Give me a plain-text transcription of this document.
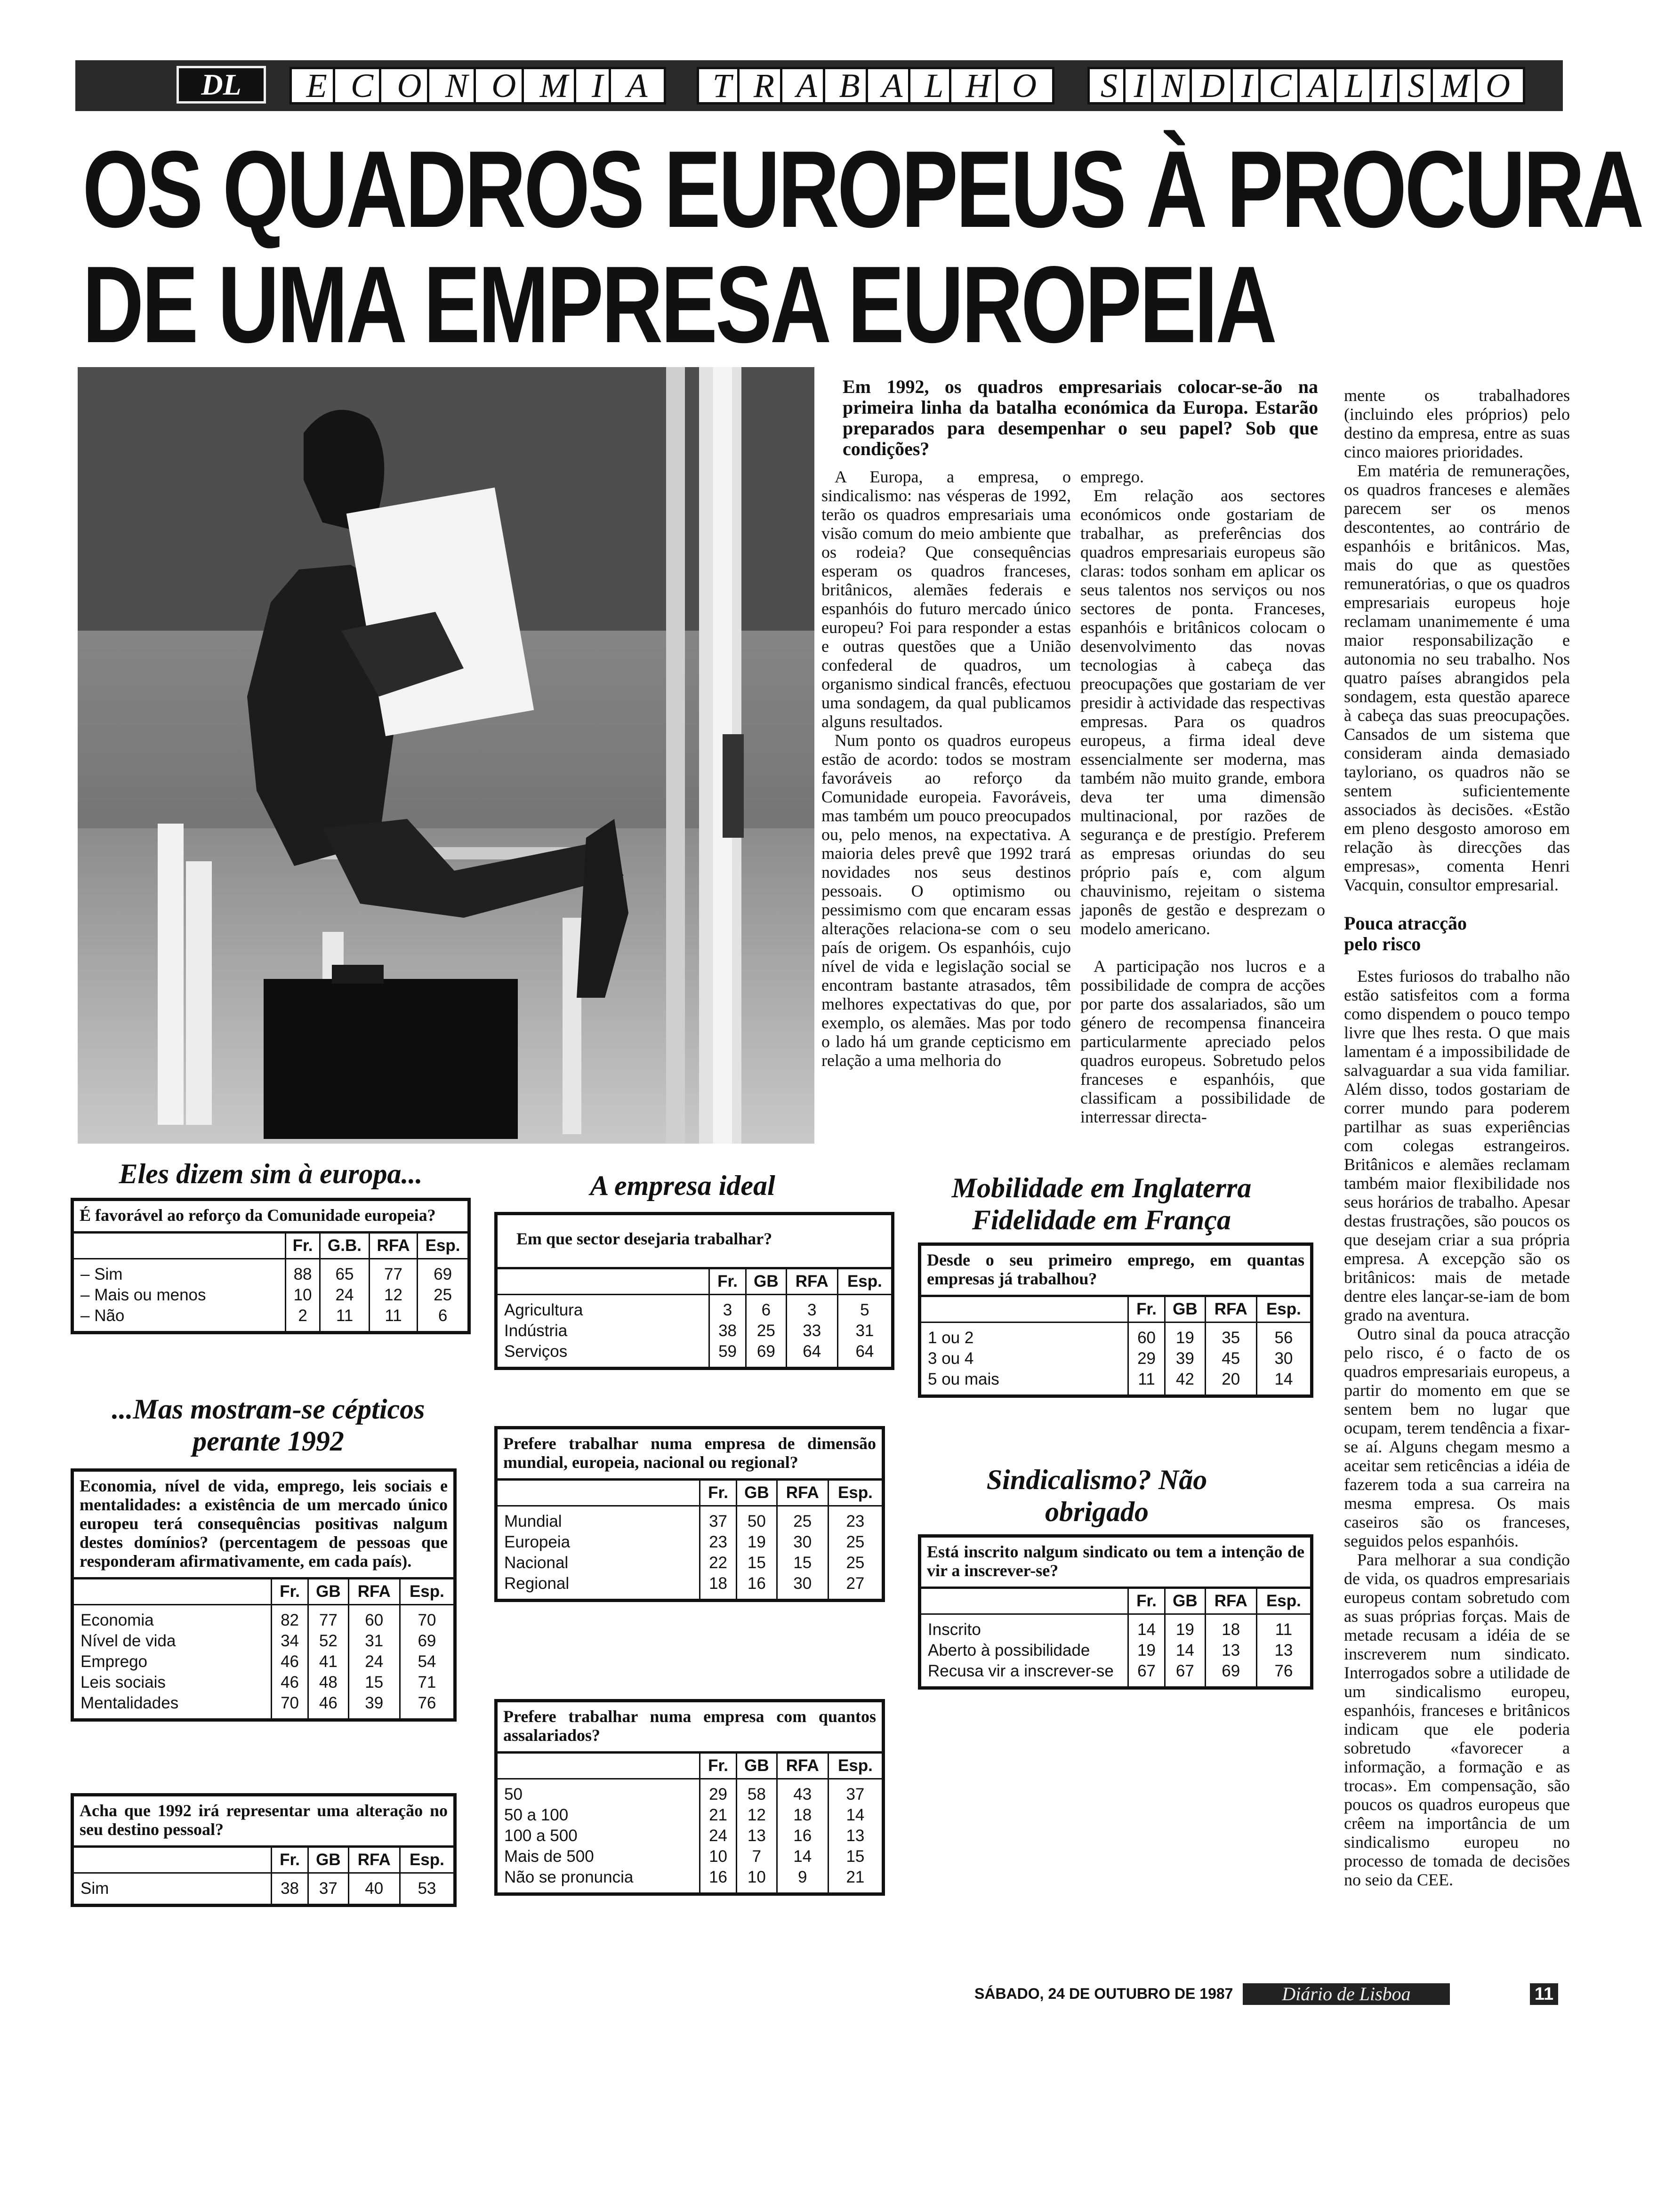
DL	E C O N O M I A T R A B A L H O S I N D I C A L I S M O
OS QUADROS EUROPEUS À PROCURA
DE UMA EMPRESA EUROPEIA
Em 1992, os quadros empresariais colocar-se-ão na primeira linha da batalha económica da Europa. Estarão preparados para desempenhar o seu papel? Sob que condições?

A Europa, a empresa, o sindicalismo: nas vésperas de 1992, terão os quadros empresariais uma visão comum do meio ambiente que os rodeia? Que consequências esperam os quadros franceses, britânicos, alemães federais e espanhóis do futuro mercado único europeu? Foi para responder a estas e outras questões que a União confederal de quadros, um organismo sindical francês, efectuou uma sondagem, da qual publicamos alguns resultados.

Num ponto os quadros europeus estão de acordo: todos se mostram favoráveis ao reforço da Comunidade europeia. Favoráveis, mas também um pouco preocupados ou, pelo menos, na expectativa. A maioria deles prevê que 1992 trará novidades nos seus destinos pessoais. O optimismo ou pessimismo com que encaram essas alterações relaciona-se com o seu país de origem. Os espanhóis, cujo nível de vida e legislação social se encontram bastante atrasados, têm melhores expectativas do que, por exemplo, os alemães. Mas por todo o lado há um grande cepticismo em relação a uma melhoria do

emprego.

Em relação aos sectores económicos onde gostariam de trabalhar, as preferências dos quadros empresariais europeus são claras: todos sonham em aplicar os seus talentos nos serviços ou nos sectores de ponta. Franceses, espanhóis e britânicos colocam o desenvolvimento das novas tecnologias à cabeça das preocupações que gostariam de ver presidir à actividade das respectivas empresas. Para os quadros europeus, a firma ideal deve essencialmente ser moderna, mas também não muito grande, embora deva ter uma dimensão multinacional, por razões de segurança e de prestígio. Preferem as empresas oriundas do seu próprio país e, com algum chauvinismo, rejeitam o sistema japonês de gestão e desprezam o modelo americano.

A participação nos lucros e a possibilidade de compra de acções por parte dos assalariados, são um género de recompensa financeira particularmente apreciado pelos quadros europeus. Sobretudo pelos franceses e espanhóis, que classificam a possibilidade de interressar directa-

mente os trabalhadores (incluindo eles próprios) pelo destino da empresa, entre as suas cinco maiores prioridades.

Em matéria de remunerações, os quadros franceses e alemães parecem ser os menos descontentes, ao contrário de espanhóis e britânicos. Mas, mais do que as questões remuneratórias, o que os quadros empresariais europeus hoje reclamam unanimemente é uma maior responsabilização e autonomia no seu trabalho. Nos quatro países abrangidos pela sondagem, esta questão aparece à cabeça das suas preocupações. Cansados de um sistema que consideram ainda demasiado tayloriano, os quadros não se sentem suficientemente associados às decisões. «Estão em pleno desgosto amoroso em relação às direcções das empresas», comenta Henri Vacquin, consultor empresarial.

Pouca atracção pelo risco

Estes furiosos do trabalho não estão satisfeitos com a forma como dispendem o pouco tempo livre que lhes resta. O que mais lamentam é a impossibilidade de salvaguardar a sua vida familiar. Além disso, todos gostariam de correr mundo para poderem partilhar as suas experiências com colegas estrangeiros. Britânicos e alemães reclamam também maior flexibilidade nos seus horários de trabalho. Apesar destas frustrações, são poucos os que desejam criar a sua própria empresa. A excepção são os britânicos: mais de metade dentre eles lançar-se-iam de bom grado na aventura.

Outro sinal da pouca atracção pelo risco, é o facto de os quadros empresariais europeus, a partir do momento em que se sentem bem no lugar que ocupam, terem tendência a fixar-se aí. Alguns chegam mesmo a aceitar sem reticências a idéia de fazerem toda a sua carreira na mesma empresa. Os mais caseiros são os franceses, seguidos pelos espanhóis.

Para melhorar a sua condição de vida, os quadros empresariais europeus contam sobretudo com as suas próprias forças. Mais de metade recusam a idéia de se inscreverem num sindicato. Interrogados sobre a utilidade de um sindicalismo europeu, espanhóis, franceses e britânicos indicam que ele poderia sobretudo «favorecer a informação, a formação e as trocas». Em compensação, são poucos os quadros europeus que crêem na importância de um sindicalismo europeu no processo de tomada de decisões no seio da CEE.

Eles dizem sim à europa...
...Mas mostram-se cépticos perante 1992
A empresa ideal	Mobilidade em Inglaterra Fidelidade em França
Sindicalismo? Não obrigado
É favorável ao reforço da Comunidade europeia?				
	Fr.	G.B.	RFA	Esp.
– Sim	88	65	77	69
– Mais ou menos	10	24	12	25
– Não	2	11	11	6
Economia, nível de vida, emprego, leis sociais e mentalidades: a existência de um mercado único europeu terá consequências positivas nalgum destes domínios? (percentagem de pessoas que responderam afirmativamente, em cada país).				
	Fr.	GB	RFA	Esp.
Economia	82	77	60	70
Nível de vida	34	52	31	69
Emprego	46	41	24	54
Leis sociais	46	48	15	71
Mentalidades	70	46	39	76
Acha que 1992 irá representar uma alteração no seu destino pessoal?				
	Fr.	GB	RFA	Esp.
Sim	38	37	40	53
Em que sector desejaria trabalhar?				
	Fr.	GB	RFA	Esp.
Agricultura	3	6	3	5
Indústria	38	25	33	31
Serviços	59	69	64	64
Prefere trabalhar numa empresa de dimensão mundial, europeia, nacional ou regional?				
	Fr.	GB	RFA	Esp.
Mundial	37	50	25	23
Europeia	23	19	30	25
Nacional	22	15	15	25
Regional	18	16	30	27
Prefere trabalhar numa empresa com quantos assalariados?				
	Fr.	GB	RFA	Esp.
50	29	58	43	37
50 a 100	21	12	18	14
100 a 500	24	13	16	13
Mais de 500	10	7	14	15
Não se pronuncia	16	10	9	21
Desde o seu primeiro emprego, em quantas empresas já trabalhou?				
	Fr.	GB	RFA	Esp.
1 ou 2	60	19	35	56
3 ou 4	29	39	45	30
5 ou mais	11	42	20	14
Está inscrito nalgum sindicato ou tem a intenção de vir a inscrever-se?				
	Fr.	GB	RFA	Esp.
Inscrito	14	19	18	11
Aberto à possibilidade	19	14	13	13
Recusa vir a inscrever-se	67	67	69	76
SÁBADO, 24 DE OUTUBRO DE 1987	Diário de Lisboa	11
